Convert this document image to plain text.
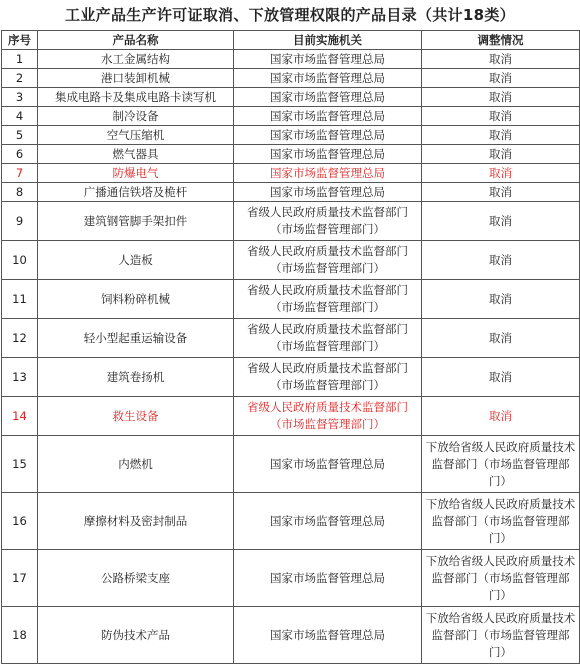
工业产品生产许可证取消、下放管理权限的产品目录（共计18类）
序号	产品名称	目前实施机关	调整情况
1	水工金属结构	国家市场监督管理总局	取消
2	港口装卸机械	国家市场监督管理总局	取消
3	集成电路卡及集成电路卡读写机	国家市场监督管理总局	取消
4	制冷设备	国家市场监督管理总局	取消
5	空气压缩机	国家市场监督管理总局	取消
6	燃气器具	国家市场监督管理总局	取消
7	防爆电气	国家市场监督管理总局	取消
8	广播通信铁塔及桅杆	国家市场监督管理总局	取消
9	建筑钢管脚手架扣件	省级人民政府质量技术监督部门（市场监督管理部门）	取消
10	人造板	省级人民政府质量技术监督部门（市场监督管理部门）	取消
11	饲料粉碎机械	省级人民政府质量技术监督部门（市场监督管理部门）	取消
12	轻小型起重运输设备	省级人民政府质量技术监督部门（市场监督管理部门）	取消
13	建筑卷扬机	省级人民政府质量技术监督部门（市场监督管理部门）	取消
14	救生设备	省级人民政府质量技术监督部门（市场监督管理部门）	取消
15	内燃机	国家市场监督管理总局	下放给省级人民政府质量技术监督部门（市场监督管理部门）
16	摩擦材料及密封制品	国家市场监督管理总局	下放给省级人民政府质量技术监督部门（市场监督管理部门）
17	公路桥梁支座	国家市场监督管理总局	下放给省级人民政府质量技术监督部门（市场监督管理部门）
18	防伪技术产品	国家市场监督管理总局	下放给省级人民政府质量技术监督部门（市场监督管理部门）
